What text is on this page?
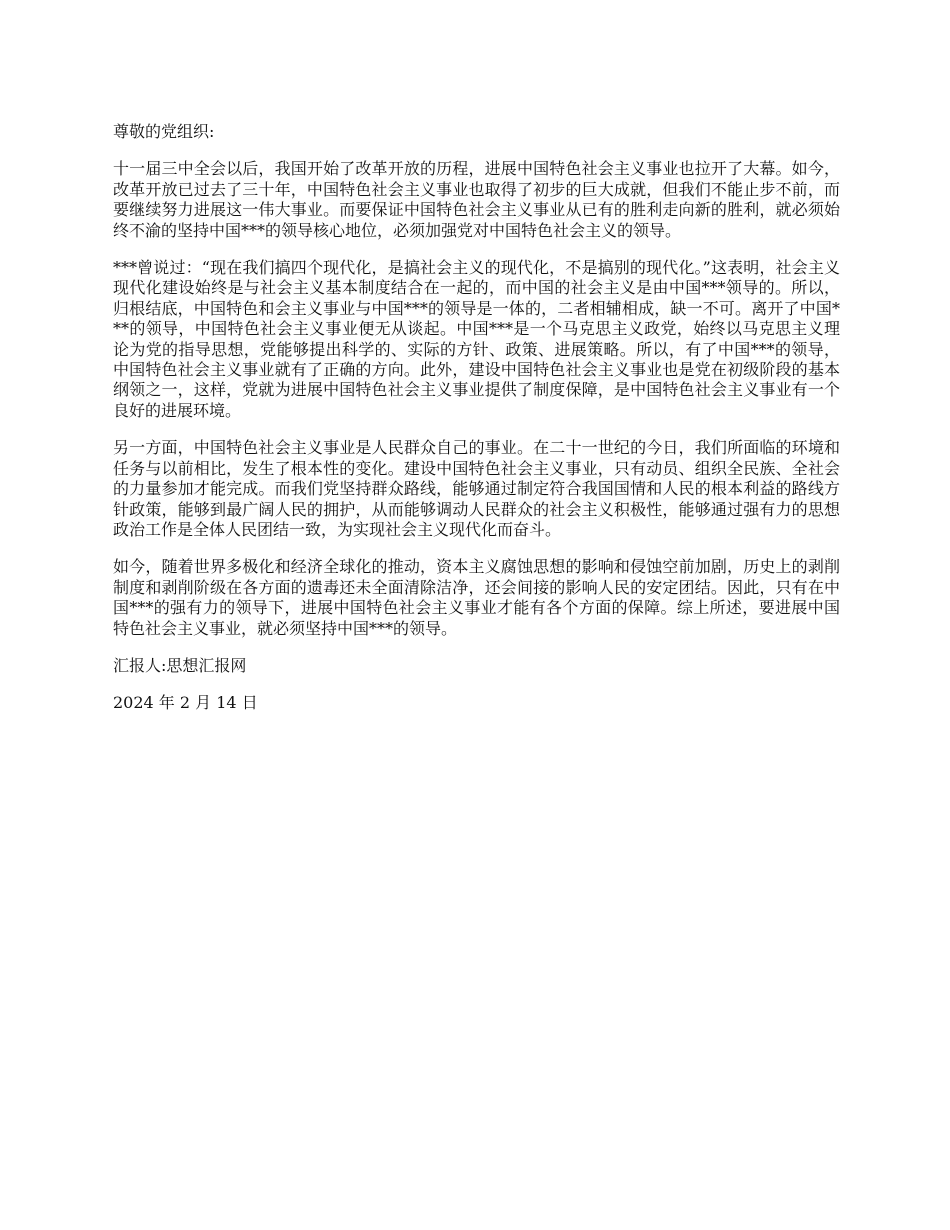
尊敬的党组织:

十一届三中全会以后，我国开始了改革开放的历程，进展中国特色社会主义事业也拉开了大幕。如今，改革开放已过去了三十年，中国特色社会主义事业也取得了初步的巨大成就，但我们不能止步不前，而要继续努力进展这一伟大事业。而要保证中国特色社会主义事业从已有的胜利走向新的胜利，就必须始终不渝的坚持中国***的领导核心地位，必须加强党对中国特色社会主义的领导。

***曾说过：“现在我们搞四个现代化，是搞社会主义的现代化，不是搞别的现代化。”这表明，社会主义现代化建设始终是与社会主义基本制度结合在一起的，而中国的社会主义是由中国***领导的。所以，归根结底，中国特色和会主义事业与中国***的领导是一体的，二者相辅相成，缺一不可。离开了中国***的领导，中国特色社会主义事业便无从谈起。中国***是一个马克思主义政党，始终以马克思主义理论为党的指导思想，党能够提出科学的、实际的方针、政策、进展策略。所以，有了中国***的领导，中国特色社会主义事业就有了正确的方向。此外，建设中国特色社会主义事业也是党在初级阶段的基本纲领之一，这样，党就为进展中国特色社会主义事业提供了制度保障，是中国特色社会主义事业有一个良好的进展环境。

另一方面，中国特色社会主义事业是人民群众自己的事业。在二十一世纪的今日，我们所面临的环境和任务与以前相比，发生了根本性的变化。建设中国特色社会主义事业，只有动员、组织全民族、全社会的力量参加才能完成。而我们党坚持群众路线，能够通过制定符合我国国情和人民的根本利益的路线方针政策，能够到最广阔人民的拥护，从而能够调动人民群众的社会主义积极性，能够通过强有力的思想政治工作是全体人民团结一致，为实现社会主义现代化而奋斗。

如今，随着世界多极化和经济全球化的推动，资本主义腐蚀思想的影响和侵蚀空前加剧，历史上的剥削制度和剥削阶级在各方面的遗毒还未全面清除洁净，还会间接的影响人民的安定团结。因此，只有在中国***的强有力的领导下，进展中国特色社会主义事业才能有各个方面的保障。综上所述，要进展中国特色社会主义事业，就必须坚持中国***的领导。

汇报人:思想汇报网

2024 年 2 月 14 日
